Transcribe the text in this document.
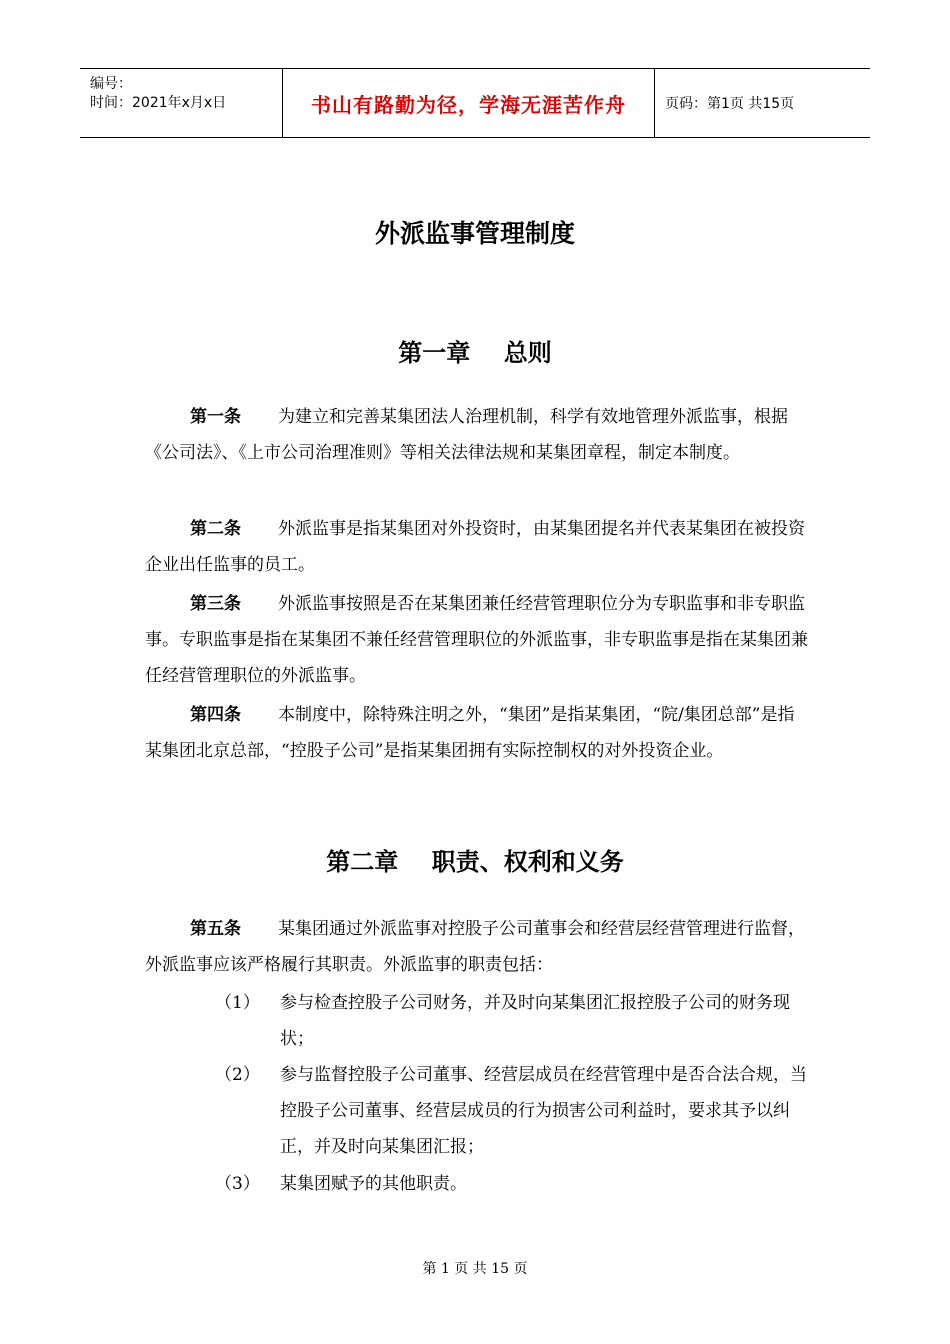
编号：
时间：2021年x月x日	书山有路勤为径，学海无涯苦作舟	页码：第1页 共15页
外派监事管理制度
第一章    总则
第一条 为建立和完善某集团法人治理机制，科学有效地管理外派监事，根据《公司法》、《上市公司治理准则》等相关法律法规和某集团章程，制定本制度。
第二条 外派监事是指某集团对外投资时，由某集团提名并代表某集团在被投资企业出任监事的员工。
第三条 外派监事按照是否在某集团兼任经营管理职位分为专职监事和非专职监事。专职监事是指在某集团不兼任经营管理职位的外派监事，非专职监事是指在某集团兼任经营管理职位的外派监事。
第四条 本制度中，除特殊注明之外，“集团”是指某集团，“院/集团总部”是指某集团北京总部，“控股子公司”是指某集团拥有实际控制权的对外投资企业。
第二章    职责、权利和义务
第五条 某集团通过外派监事对控股子公司董事会和经营层经营管理进行监督，外派监事应该严格履行其职责。外派监事的职责包括：
（1） 参与检查控股子公司财务，并及时向某集团汇报控股子公司的财务现状；
（2） 参与监督控股子公司董事、经营层成员在经营管理中是否合法合规，当控股子公司董事、经营层成员的行为损害公司利益时，要求其予以纠正，并及时向某集团汇报；
（3） 某集团赋予的其他职责。
第 1 页 共 15 页
